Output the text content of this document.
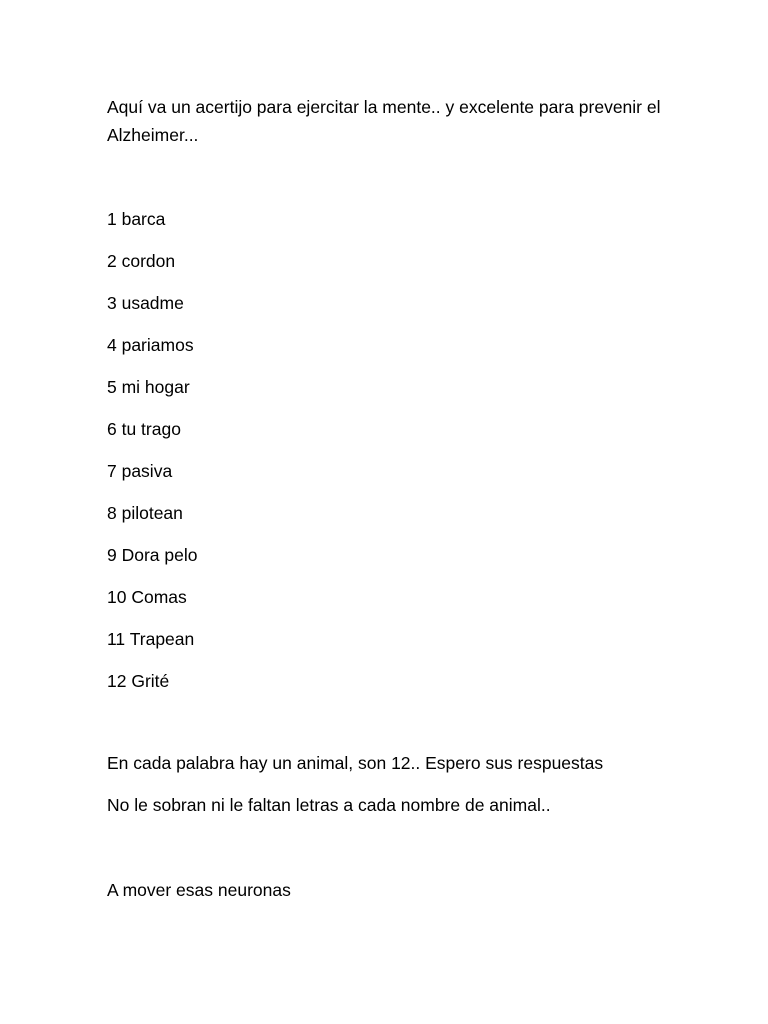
Aquí va un acertijo para ejercitar la mente.. y excelente para prevenir el Alzheimer...

1 barca
2 cordon
3 usadme
4 pariamos
5 mi hogar
6 tu trago
7 pasiva
8 pilotean
9 Dora pelo
10 Comas
11 Trapean
12 Grité

En cada palabra hay un animal, son 12.. Espero sus respuestas

No le sobran ni le faltan letras a cada nombre de animal..

A mover esas neuronas
